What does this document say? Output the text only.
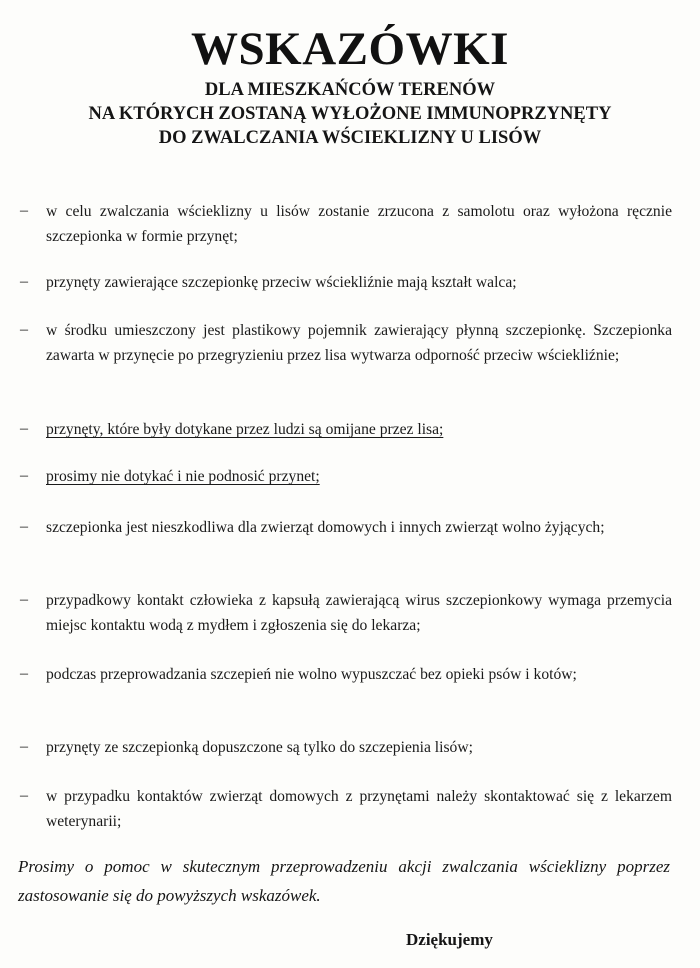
WSKAZÓWKI
DLA MIESZKAŃCÓW TERENÓW
NA KTÓRYCH ZOSTANĄ WYŁOŻONE IMMUNOPRZYNĘTY
DO ZWALCZANIA WŚCIEKLIZNY U LISÓW
– w celu zwalczania wścieklizny u lisów zostanie zrzucona z samolotu oraz wyłożona ręcznie szczepionka w formie przynęt;
– przynęty zawierające szczepionkę przeciw wściekliźnie mają kształt walca;
– w środku umieszczony jest plastikowy pojemnik zawierający płynną szczepionkę. Szczepionka zawarta w przynęcie po przegryzieniu przez lisa wytwarza odporność przeciw wściekliźnie;
– przynęty, które były dotykane przez ludzi są omijane przez lisa;
– prosimy nie dotykać i nie podnosić przynet;
– szczepionka jest nieszkodliwa dla zwierząt domowych i innych zwierząt wolno żyjących;
– przypadkowy kontakt człowieka z kapsułą zawierającą wirus szczepionkowy wymaga przemycia miejsc kontaktu wodą z mydłem i zgłoszenia się do lekarza;
– podczas przeprowadzania szczepień nie wolno wypuszczać bez opieki psów i kotów;
– przynęty ze szczepionką dopuszczone są tylko do szczepienia lisów;
– w przypadku kontaktów zwierząt domowych z przynętami należy skontaktować się z lekarzem weterynarii;
Prosimy o pomoc w skutecznym przeprowadzeniu akcji zwalczania wścieklizny poprzez zastosowanie się do powyższych wskazówek.
Dziękujemy
